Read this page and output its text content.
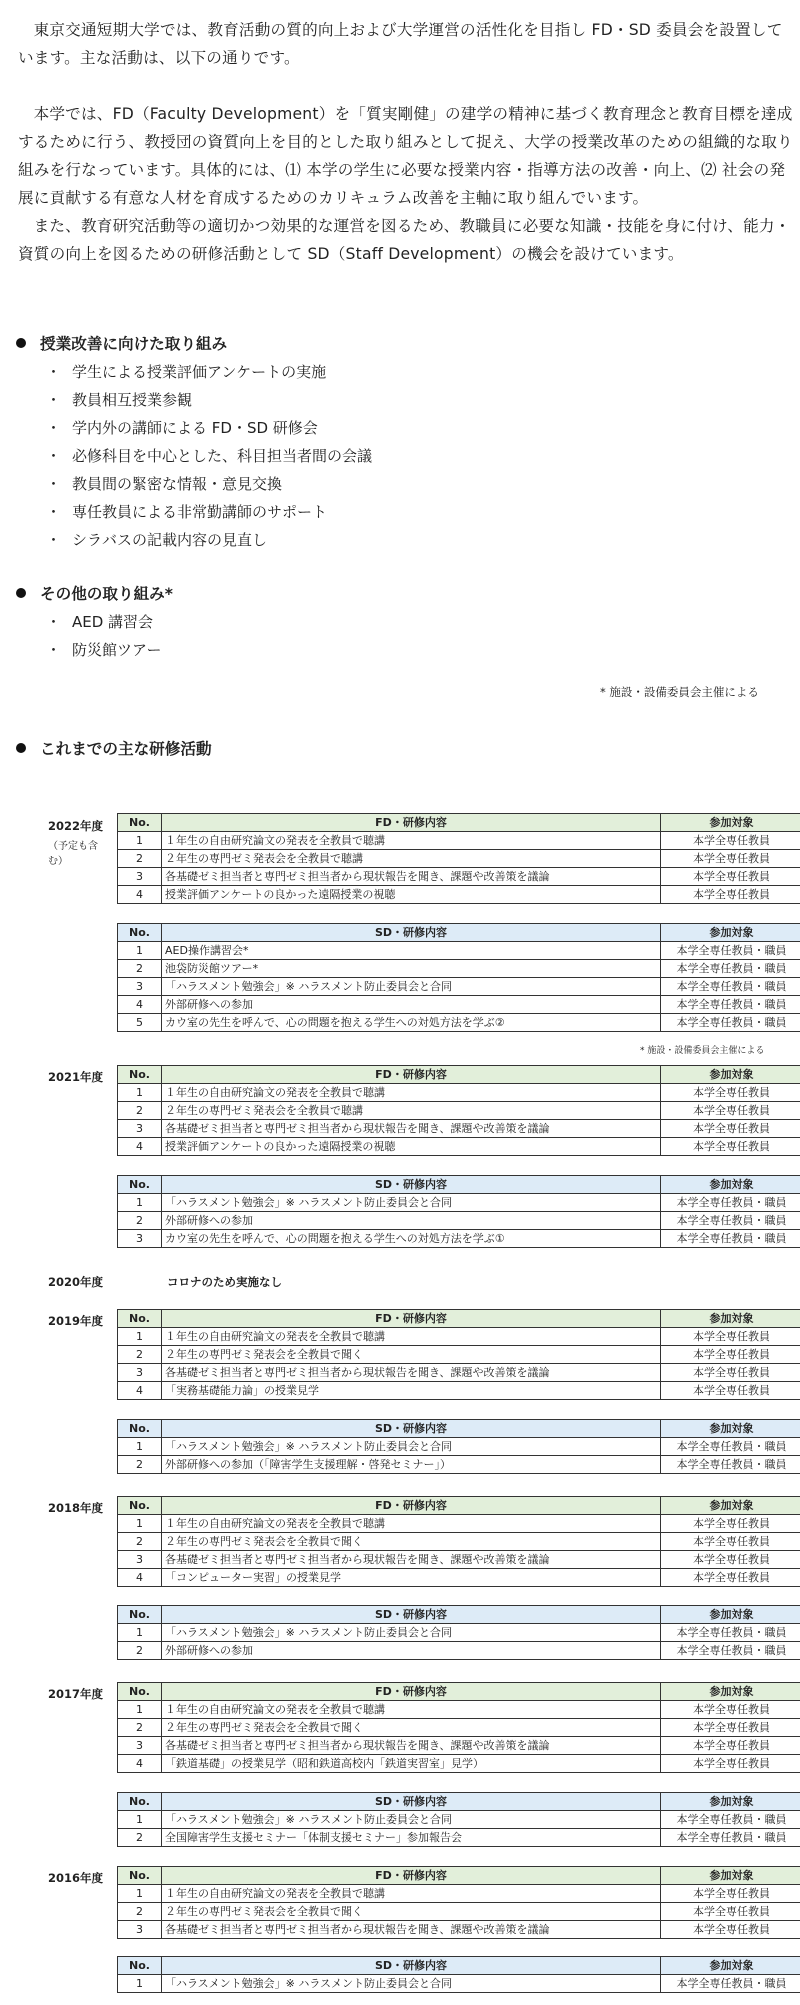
東京交通短期大学では、教育活動の質的向上および大学運営の活性化を目指し FD・SD 委員会を設置しています。主な活動は、以下の通りです。

本学では、FD（Faculty Development）を「質実剛健」の建学の精神に基づく教育理念と教育目標を達成するために行う、教授団の資質向上を目的とした取り組みとして捉え、大学の授業改革のための組織的な取り組みを行なっています。具体的には、⑴ 本学の学生に必要な授業内容・指導方法の改善・向上、⑵ 社会の発展に貢献する有意な人材を育成するためのカリキュラム改善を主軸に取り組んでいます。

また、教育研究活動等の適切かつ効果的な運営を図るため、教職員に必要な知識・技能を身に付け、能力・資質の向上を図るための研修活動として SD（Staff Development）の機会を設けています。

授業改善に向けた取り組み
・ 学生による授業評価アンケートの実施
・ 教員相互授業参観
・ 学内外の講師による FD・SD 研修会
・ 必修科目を中心とした、科目担当者間の会議
・ 教員間の緊密な情報・意見交換
・ 専任教員による非常勤講師のサポート
・ シラバスの記載内容の見直し
その他の取り組み*
・ AED 講習会
・ 防災館ツアー
* 施設・設備委員会主催による
これまでの主な研修活動
2022年度
（予定も含む）
No.	FD・研修内容	参加対象
1	１年生の自由研究論文の発表を全教員で聴講	本学全専任教員
2	２年生の専門ゼミ発表会を全教員で聴講	本学全専任教員
3	各基礎ゼミ担当者と専門ゼミ担当者から現状報告を聞き、課題や改善策を議論	本学全専任教員
4	授業評価アンケートの良かった遠隔授業の視聴	本学全専任教員
No.	SD・研修内容	参加対象
1	AED操作講習会*	本学全専任教員・職員
2	池袋防災館ツアー*	本学全専任教員・職員
3	「ハラスメント勉強会」※ ハラスメント防止委員会と合同	本学全専任教員・職員
4	外部研修への参加	本学全専任教員・職員
5	カウ室の先生を呼んで、心の問題を抱える学生への対処方法を学ぶ②	本学全専任教員・職員
* 施設・設備委員会主催による
2021年度	No.	FD・研修内容	参加対象
1	１年生の自由研究論文の発表を全教員で聴講	本学全専任教員
2	２年生の専門ゼミ発表会を全教員で聴講	本学全専任教員
3	各基礎ゼミ担当者と専門ゼミ担当者から現状報告を聞き、課題や改善策を議論	本学全専任教員
4	授業評価アンケートの良かった遠隔授業の視聴	本学全専任教員
No.	SD・研修内容	参加対象
1	「ハラスメント勉強会」※ ハラスメント防止委員会と合同	本学全専任教員・職員
2	外部研修への参加	本学全専任教員・職員
3	カウ室の先生を呼んで、心の問題を抱える学生への対処方法を学ぶ①	本学全専任教員・職員
2020年度	コロナのため実施なし
2019年度	No.	FD・研修内容	参加対象
1	１年生の自由研究論文の発表を全教員で聴講	本学全専任教員
2	２年生の専門ゼミ発表会を全教員で聞く	本学全専任教員
3	各基礎ゼミ担当者と専門ゼミ担当者から現状報告を聞き、課題や改善策を議論	本学全専任教員
4	「実務基礎能力論」の授業見学	本学全専任教員
No.	SD・研修内容	参加対象
1	「ハラスメント勉強会」※ ハラスメント防止委員会と合同	本学全専任教員・職員
2	外部研修への参加（「障害学生支援理解・啓発セミナー」）	本学全専任教員・職員
2018年度	No.	FD・研修内容	参加対象
1	１年生の自由研究論文の発表を全教員で聴講	本学全専任教員
2	２年生の専門ゼミ発表会を全教員で聞く	本学全専任教員
3	各基礎ゼミ担当者と専門ゼミ担当者から現状報告を聞き、課題や改善策を議論	本学全専任教員
4	「コンピューター実習」の授業見学	本学全専任教員
No.	SD・研修内容	参加対象
1	「ハラスメント勉強会」※ ハラスメント防止委員会と合同	本学全専任教員・職員
2	外部研修への参加	本学全専任教員・職員
2017年度	No.	FD・研修内容	参加対象
1	１年生の自由研究論文の発表を全教員で聴講	本学全専任教員
2	２年生の専門ゼミ発表会を全教員で聞く	本学全専任教員
3	各基礎ゼミ担当者と専門ゼミ担当者から現状報告を聞き、課題や改善策を議論	本学全専任教員
4	「鉄道基礎」の授業見学（昭和鉄道高校内「鉄道実習室」見学）	本学全専任教員
No.	SD・研修内容	参加対象
1	「ハラスメント勉強会」※ ハラスメント防止委員会と合同	本学全専任教員・職員
2	全国障害学生支援セミナー「体制支援セミナー」参加報告会	本学全専任教員・職員
2016年度	No.	FD・研修内容	参加対象
1	１年生の自由研究論文の発表を全教員で聴講	本学全専任教員
2	２年生の専門ゼミ発表会を全教員で聞く	本学全専任教員
3	各基礎ゼミ担当者と専門ゼミ担当者から現状報告を聞き、課題や改善策を議論	本学全専任教員
No.	SD・研修内容	参加対象
1	「ハラスメント勉強会」※ ハラスメント防止委員会と合同	本学全専任教員・職員
